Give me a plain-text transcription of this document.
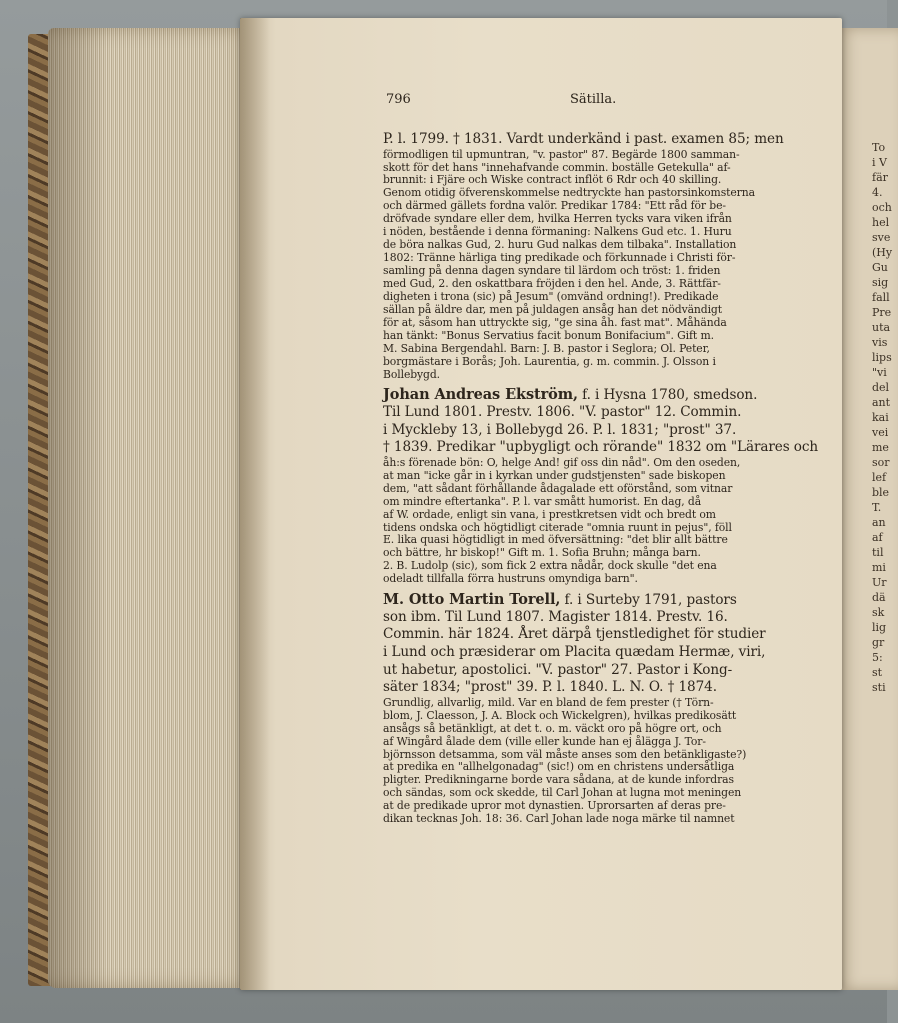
To
i V
fär
4.
och
hel
sve
(Hy
Gu
sig
fall
Pre
uta
vis
lips
"vi
del
ant
kai
vei
me
sor
lef
ble
T.
an
af
til
mi
Ur
dä
sk
lig
gr
5:
st
sti
796	Sätilla.
P. l. 1799. † 1831. Vardt underkänd i past. examen 85; men
förmodligen til upmuntran, "v. pastor" 87. Begärde 1800 samman-
skott för det hans "innehafvande commin. boställe Getekulla" af-
brunnit: i Fjäre och Wiske contract inflöt 6 Rdr och 40 skilling.
Genom otidig öfverenskommelse nedtryckte han pastorsinkomsterna
och därmed gällets fordna valör. Predikar 1784: "Ett råd för be-
dröfvade syndare eller dem, hvilka Herren tycks vara viken ifrån
i nöden, bestående i denna förmaning: Nalkens Gud etc. 1. Huru
de böra nalkas Gud, 2. huru Gud nalkas dem tilbaka". Installation
1802: Tränne härliga ting predikade och förkunnade i Christi för-
samling på denna dagen syndare til lärdom och tröst: 1. friden
med Gud, 2. den oskattbara fröjden i den hel. Ande, 3. Rättfär-
digheten i trona (sic) på Jesum" (omvänd ordning!). Predikade
sällan på äldre dar, men på juldagen ansåg han det nödvändigt
för at, såsom han uttryckte sig, "ge sina åh. fast mat". Måhända
han tänkt: "Bonus Servatius facit bonum Bonifacium". Gift m.
M. Sabina Bergendahl. Barn: J. B. pastor i Seglora; Ol. Peter,
borgmästare i Borås; Joh. Laurentia, g. m. commin. J. Olsson i
Bollebygd.
Johan Andreas Ekström, f. i Hysna 1780, smedson.
Til Lund 1801. Prestv. 1806. "V. pastor" 12. Commin.
i Myckleby 13, i Bollebygd 26. P. l. 1831; "prost" 37.
† 1839. Predikar "upbygligt och rörande" 1832 om "Lärares och
åh:s förenade bön: O, helge And! gif oss din nåd". Om den oseden,
at man "icke går in i kyrkan under gudstjensten" sade biskopen
dem, "att sådant förhållande ådagalade ett oförstånd, som vitnar
om mindre eftertanka". P. l. var smått humorist. En dag, då
af W. ordade, enligt sin vana, i prestkretsen vidt och bredt om
tidens ondska och högtidligt citerade "omnia ruunt in pejus", föll
E. lika quasi högtidligt in med öfversättning: "det blir allt bättre
och bättre, hr biskop!" Gift m. 1. Sofia Bruhn; många barn.
2. B. Ludolp (sic), som fick 2 extra nådår, dock skulle "det ena
odeladt tillfalla förra hustruns omyndiga barn".
M. Otto Martin Torell, f. i Surteby 1791, pastors
son ibm. Til Lund 1807. Magister 1814. Prestv. 16.
Commin. här 1824. Året därpå tjenstledighet för studier
i Lund och præsiderar om Placita quædam Hermæ, viri,
ut habetur, apostolici. "V. pastor" 27. Pastor i Kong-
säter 1834; "prost" 39. P. l. 1840. L. N. O. † 1874.
Grundlig, allvarlig, mild. Var en bland de fem prester († Törn-
blom, J. Claesson, J. A. Block och Wickelgren), hvilkas predikosätt
ansågs så betänkligt, at det t. o. m. väckt oro på högre ort, och
af Wingård ålade dem (ville eller kunde han ej ålägga J. Tor-
björnsson detsamma, som väl måste anses som den betänkligaste?)
at predika en "allhelgonadag" (sic!) om en christens undersåtliga
pligter. Predikningarne borde vara sådana, at de kunde infordras
och sändas, som ock skedde, til Carl Johan at lugna mot meningen
at de predikade upror mot dynastien. Uprorsarten af deras pre-
dikan tecknas Joh. 18: 36. Carl Johan lade noga märke til namnet
